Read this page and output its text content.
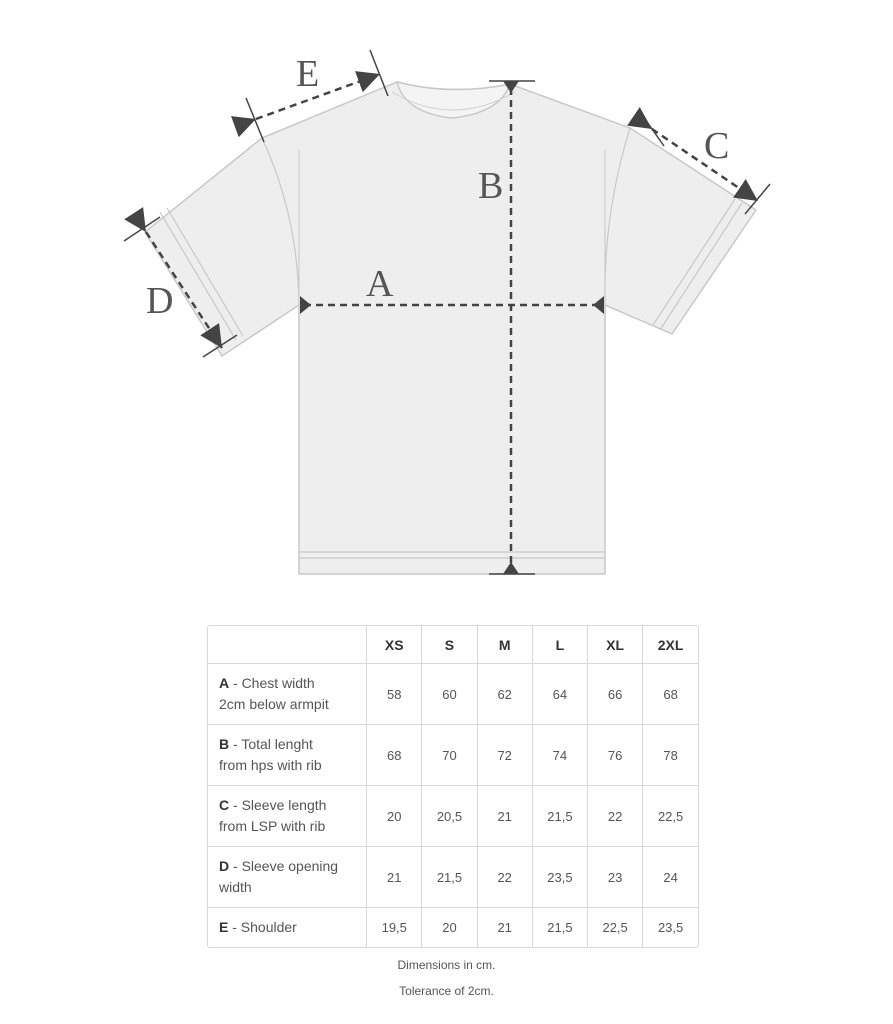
A
B
C
D
E
	XS	S	M	L	XL	2XL
A - Chest width
2cm below armpit	58	60	62	64	66	68
B - Total lenght
from hps with rib	68	70	72	74	76	78
C - Sleeve length
from LSP with rib	20	20,5	21	21,5	22	22,5
D - Sleeve opening
width	21	21,5	22	23,5	23	24
E - Shoulder	19,5	20	21	21,5	22,5	23,5
Dimensions in cm.
Tolerance of 2cm.
